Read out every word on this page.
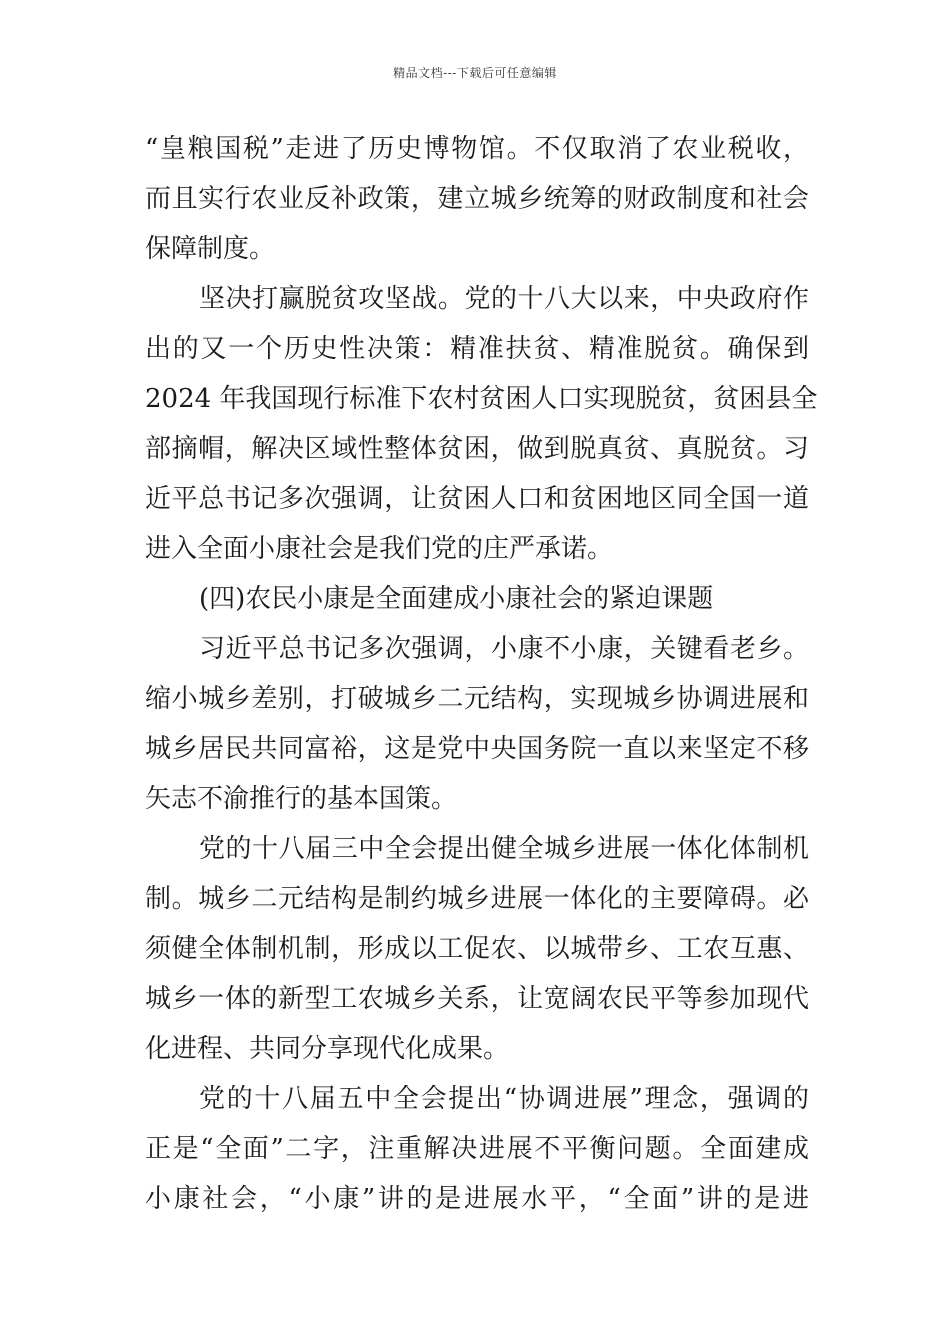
精品文档---下载后可任意编辑
“皇粮国税”走进了历史博物馆。不仅取消了农业税收，
而且实行农业反补政策，建立城乡统筹的财政制度和社会
保障制度。
坚决打赢脱贫攻坚战。党的十八大以来，中央政府作
出的又一个历史性决策：精准扶贫、精准脱贫。确保到
2024 年我国现行标准下农村贫困人口实现脱贫，贫困县全
部摘帽，解决区域性整体贫困，做到脱真贫、真脱贫。习
近平总书记多次强调，让贫困人口和贫困地区同全国一道
进入全面小康社会是我们党的庄严承诺。
(四)农民小康是全面建成小康社会的紧迫课题
习近平总书记多次强调，小康不小康，关键看老乡。
缩小城乡差别，打破城乡二元结构，实现城乡协调进展和
城乡居民共同富裕，这是党中央国务院一直以来坚定不移
矢志不渝推行的基本国策。
党的十八届三中全会提出健全城乡进展一体化体制机
制。城乡二元结构是制约城乡进展一体化的主要障碍。必
须健全体制机制，形成以工促农、以城带乡、工农互惠、
城乡一体的新型工农城乡关系，让宽阔农民平等参加现代
化进程、共同分享现代化成果。
党的十八届五中全会提出“协调进展”理念，强调的
正是“全面”二字，注重解决进展不平衡问题。全面建成
小康社会，“小康”讲的是进展水平，“全面”讲的是进
